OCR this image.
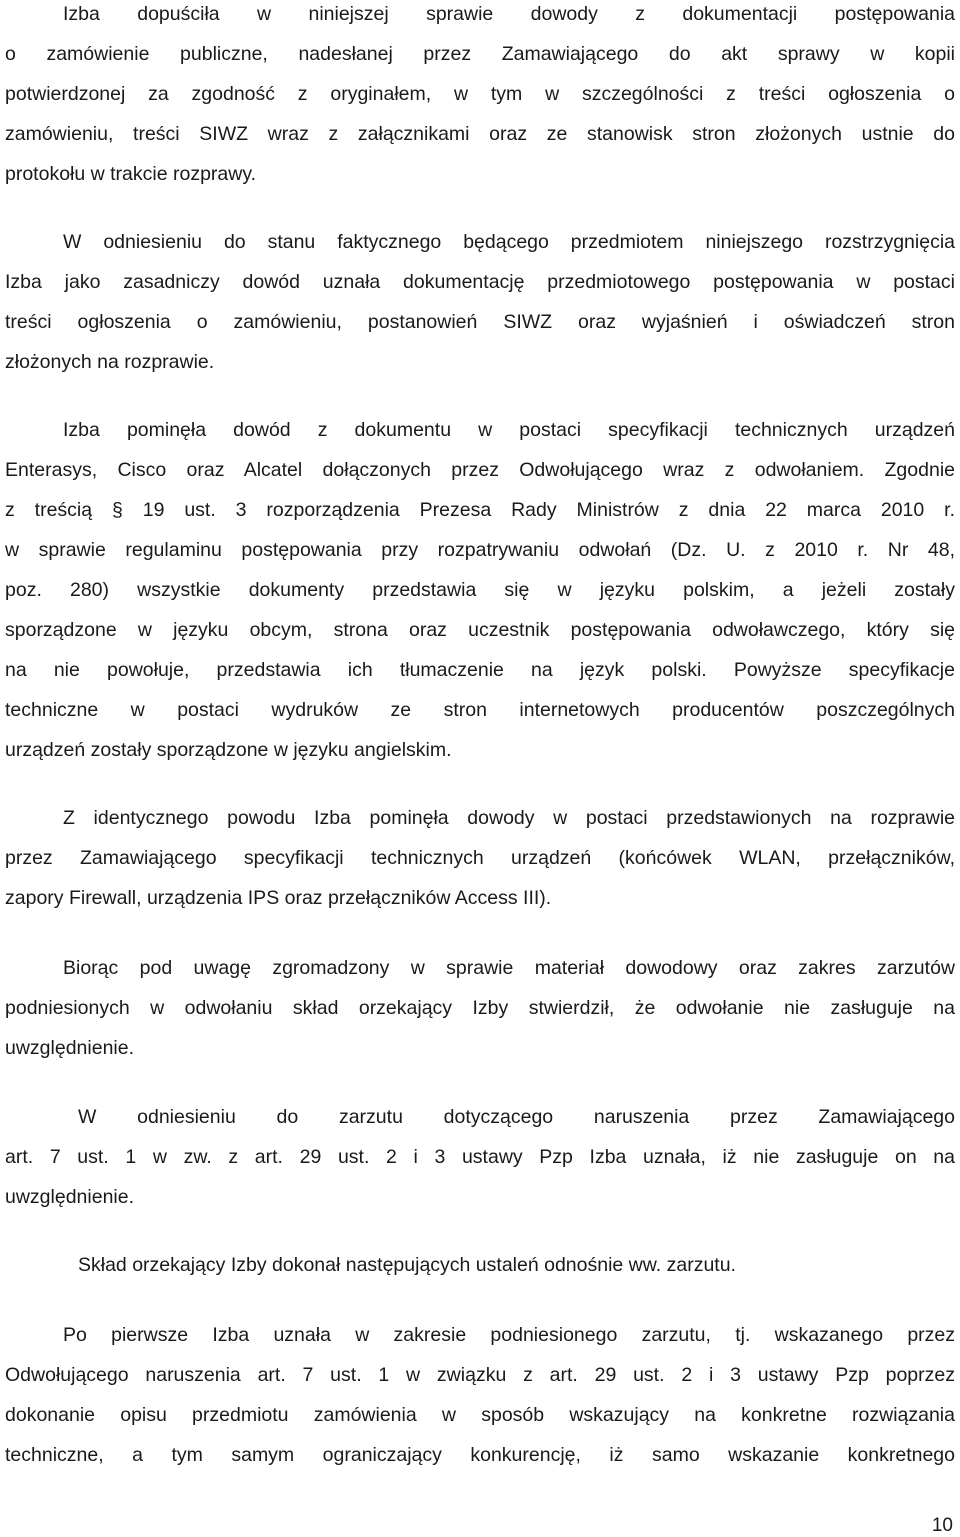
Izba dopuściła w niniejszej sprawie dowody z dokumentacji postępowania
o zamówienie publiczne, nadesłanej przez Zamawiającego do akt sprawy w kopii
potwierdzonej za zgodność z oryginałem, w tym w szczególności z treści ogłoszenia o
zamówieniu, treści SIWZ wraz z załącznikami oraz ze stanowisk stron złożonych ustnie do
protokołu w trakcie rozprawy.
W odniesieniu do stanu faktycznego będącego przedmiotem niniejszego rozstrzygnięcia
Izba jako zasadniczy dowód uznała dokumentację przedmiotowego postępowania w postaci
treści ogłoszenia o zamówieniu, postanowień SIWZ oraz wyjaśnień i oświadczeń stron
złożonych na rozprawie.
Izba pominęła dowód z dokumentu w postaci specyfikacji technicznych urządzeń
Enterasys, Cisco oraz Alcatel dołączonych przez Odwołującego wraz z odwołaniem. Zgodnie
z treścią § 19 ust. 3 rozporządzenia Prezesa Rady Ministrów z dnia 22 marca 2010 r.
w sprawie regulaminu postępowania przy rozpatrywaniu odwołań (Dz. U. z 2010 r. Nr 48,
poz. 280) wszystkie dokumenty przedstawia się w języku polskim, a jeżeli zostały
sporządzone w języku obcym, strona oraz uczestnik postępowania odwoławczego, który się
na nie powołuje, przedstawia ich tłumaczenie na język polski. Powyższe specyfikacje
techniczne w postaci wydruków ze stron internetowych producentów poszczególnych
urządzeń zostały sporządzone w języku angielskim.
Z identycznego powodu Izba pominęła dowody w postaci przedstawionych na rozprawie
przez Zamawiającego specyfikacji technicznych urządzeń (końcówek WLAN, przełączników,
zapory Firewall, urządzenia IPS oraz przełączników Access III).
Biorąc pod uwagę zgromadzony w sprawie materiał dowodowy oraz zakres zarzutów
podniesionych w odwołaniu skład orzekający Izby stwierdził, że odwołanie nie zasługuje na
uwzględnienie.
W odniesieniu do zarzutu dotyczącego naruszenia przez Zamawiającego
art. 7 ust. 1 w zw. z art. 29 ust. 2 i 3 ustawy Pzp Izba uznała, iż nie zasługuje on na
uwzględnienie.
Skład orzekający Izby dokonał następujących ustaleń odnośnie ww. zarzutu.
Po pierwsze Izba uznała w zakresie podniesionego zarzutu, tj. wskazanego przez
Odwołującego naruszenia art. 7 ust. 1 w związku z art. 29 ust. 2 i 3 ustawy Pzp poprzez
dokonanie opisu przedmiotu zamówienia w sposób wskazujący na konkretne rozwiązania
techniczne, a tym samym ograniczający konkurencję, iż samo wskazanie konkretnego
10
